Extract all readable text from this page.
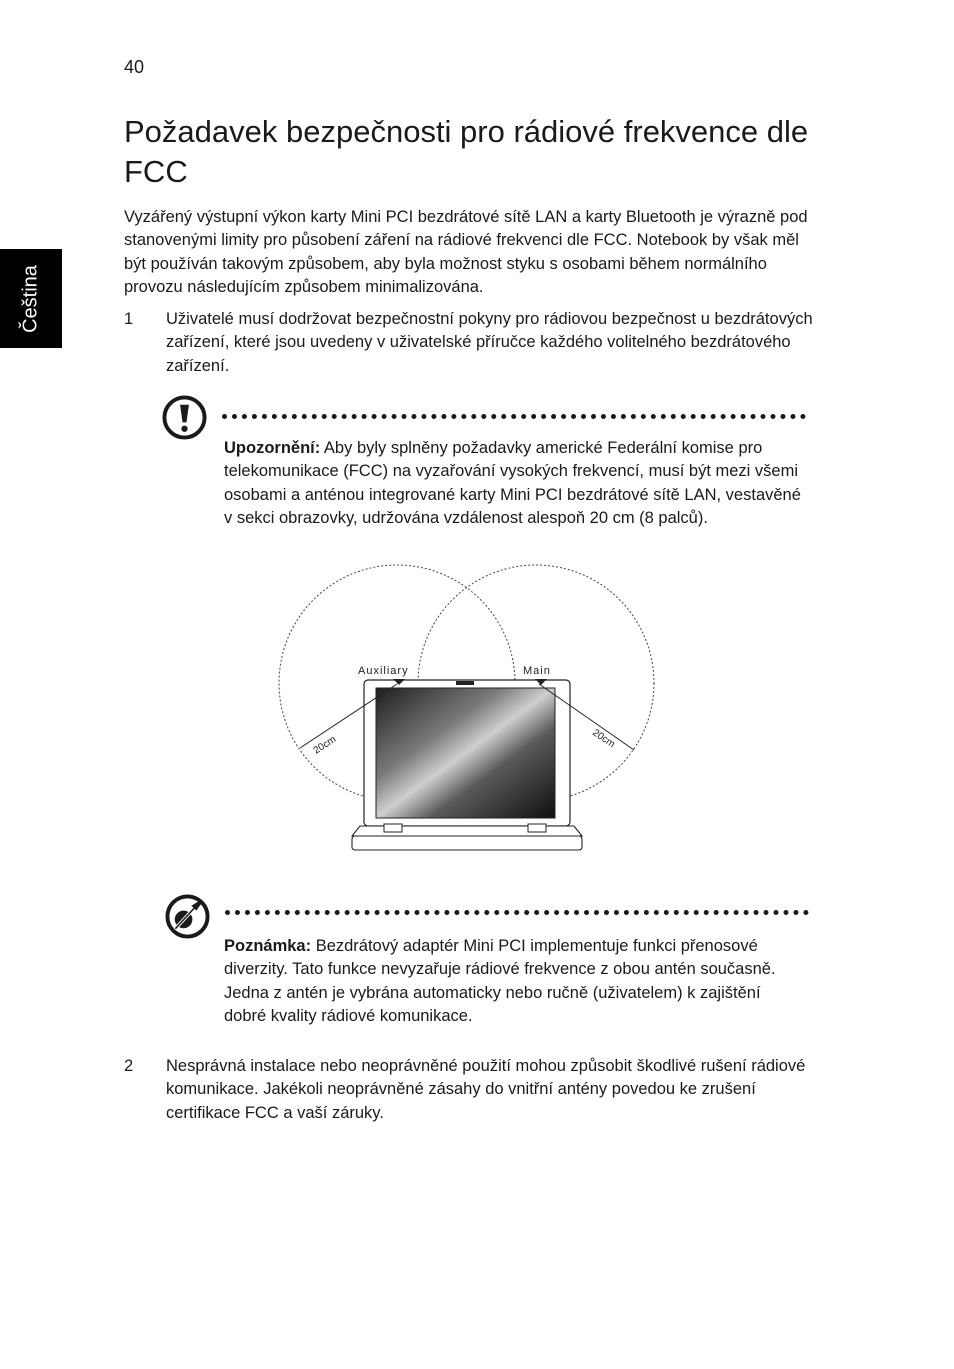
40
Čeština
Požadavek bezpečnosti pro rádiové frekvence dle FCC

Vyzářený výstupní výkon karty Mini PCI bezdrátové sítě LAN a karty Bluetooth je výrazně pod stanovenými limity pro působení záření na rádiové frekvenci dle FCC. Notebook by však měl být používán takovým způsobem, aby byla možnost styku s osobami během normálního provozu následujícím způsobem minimalizována.

1 Uživatelé musí dodržovat bezpečnostní pokyny pro rádiovou bezpečnost u bezdrátových zařízení, které jsou uvedeny v uživatelské příručce každého volitelného bezdrátového zařízení.

Upozornění: Aby byly splněny požadavky americké Federální komise pro telekomunikace (FCC) na vyzařování vysokých frekvencí, musí být mezi všemi osobami a anténou integrované karty Mini PCI bezdrátové sítě LAN, vestavěné v sekci obrazovky, udržována vzdálenost alespoň 20 cm (8 palců).

Auxiliary	Main
20cm	20cm

Poznámka: Bezdrátový adaptér Mini PCI implementuje funkci přenosové diverzity. Tato funkce nevyzařuje rádiové frekvence z obou antén současně. Jedna z antén je vybrána automaticky nebo ručně (uživatelem) k zajištění dobré kvality rádiové komunikace.

2 Nesprávná instalace nebo neoprávněné použití mohou způsobit škodlivé rušení rádiové komunikace. Jakékoli neoprávněné zásahy do vnitřní antény povedou ke zrušení certifikace FCC a vaší záruky.
